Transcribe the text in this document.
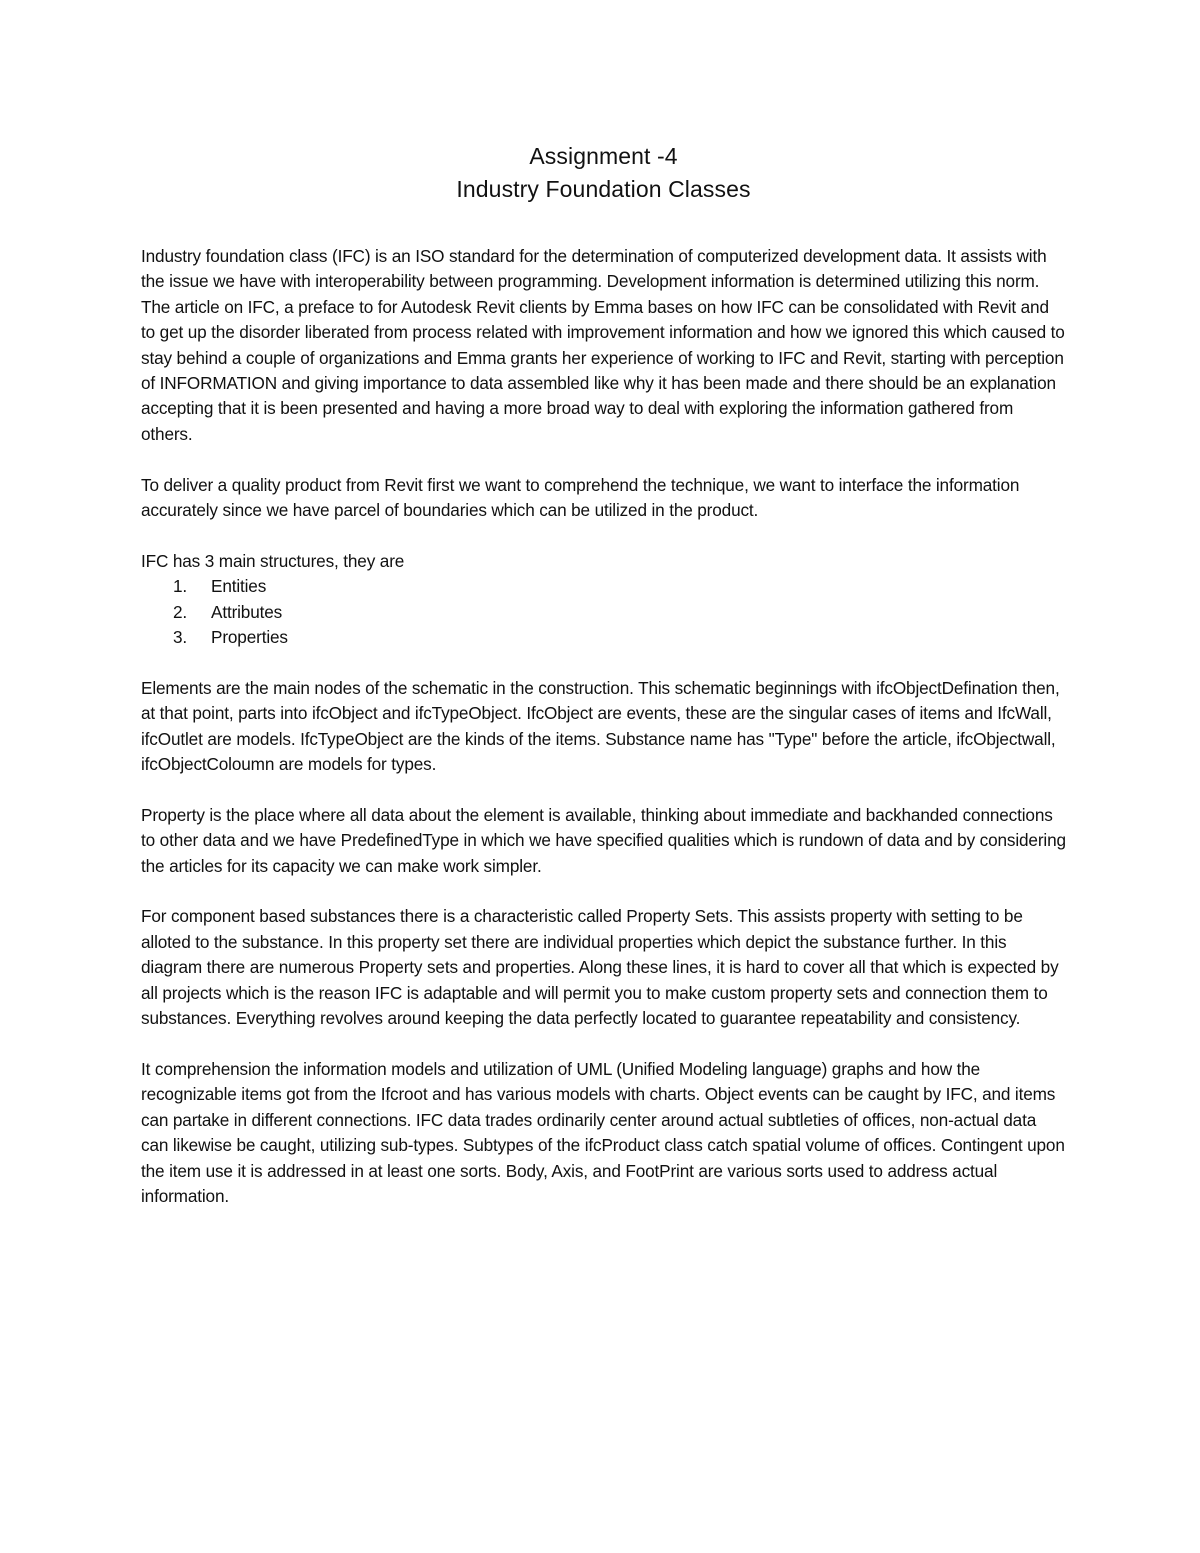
Assignment -4
Industry Foundation Classes

Industry foundation class (IFC) is an ISO standard for the determination of computerized development data. It assists with the issue we have with interoperability between programming. Development information is determined utilizing this norm. The article on IFC, a preface to for Autodesk Revit clients by Emma bases on how IFC can be consolidated with Revit and to get up the disorder liberated from process related with improvement information and how we ignored this which caused to stay behind a couple of organizations and Emma grants her experience of working to IFC and Revit, starting with perception of INFORMATION and giving importance to data assembled like why it has been made and there should be an explanation accepting that it is been presented and having a more broad way to deal with exploring the information gathered from others.

To deliver a quality product from Revit first we want to comprehend the technique, we want to interface the information accurately since we have parcel of boundaries which can be utilized in the product.

IFC has 3 main structures, they are

1. Entities
2. Attributes
3. Properties

Elements are the main nodes of the schematic in the construction. This schematic beginnings with ifcObjectDefination then, at that point, parts into ifcObject and ifcTypeObject. IfcObject are events, these are the singular cases of items and IfcWall, ifcOutlet are models. IfcTypeObject are the kinds of the items. Substance name has "Type" before the article, ifcObjectwall, ifcObjectColoumn are models for types.

Property is the place where all data about the element is available, thinking about immediate and backhanded connections to other data and we have PredefinedType in which we have specified qualities which is rundown of data and by considering the articles for its capacity we can make work simpler.

For component based substances there is a characteristic called Property Sets. This assists property with setting to be alloted to the substance. In this property set there are individual properties which depict the substance further. In this diagram there are numerous Property sets and properties. Along these lines, it is hard to cover all that which is expected by all projects which is the reason IFC is adaptable and will permit you to make custom property sets and connection them to substances. Everything revolves around keeping the data perfectly located to guarantee repeatability and consistency.

It comprehension the information models and utilization of UML (Unified Modeling language) graphs and how the recognizable items got from the Ifcroot and has various models with charts. Object events can be caught by IFC, and items can partake in different connections. IFC data trades ordinarily center around actual subtleties of offices, non-actual data can likewise be caught, utilizing sub-types. Subtypes of the ifcProduct class catch spatial volume of offices. Contingent upon the item use it is addressed in at least one sorts. Body, Axis, and FootPrint are various sorts used to address actual information.
